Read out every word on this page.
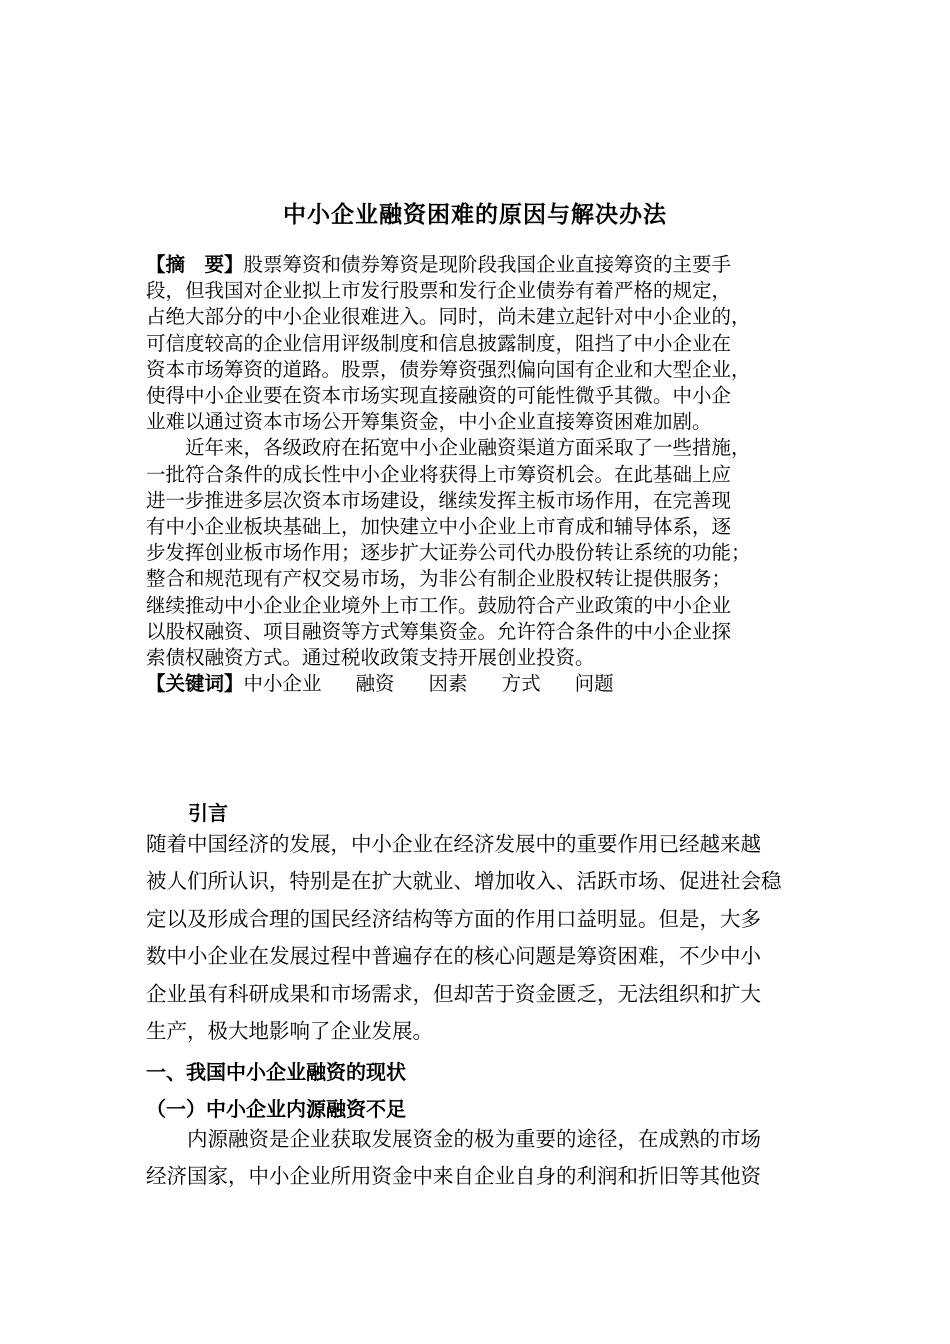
中小企业融资困难的原因与解决办法
【摘　要】股票筹资和债券筹资是现阶段我国企业直接筹资的主要手
段，但我国对企业拟上市发行股票和发行企业债券有着严格的规定，
占绝大部分的中小企业很难进入。同时，尚未建立起针对中小企业的，
可信度较高的企业信用评级制度和信息披露制度，阻挡了中小企业在
资本市场筹资的道路。股票，债券筹资强烈偏向国有企业和大型企业，
使得中小企业要在资本市场实现直接融资的可能性微乎其微。中小企
业难以通过资本市场公开筹集资金，中小企业直接筹资困难加剧。
　　近年来，各级政府在拓宽中小企业融资渠道方面采取了一些措施，
一批符合条件的成长性中小企业将获得上市筹资机会。在此基础上应
进一步推进多层次资本市场建设，继续发挥主板市场作用，在完善现
有中小企业板块基础上，加快建立中小企业上市育成和辅导体系，逐
步发挥创业板市场作用；逐步扩大证券公司代办股份转让系统的功能；
整合和规范现有产权交易市场，为非公有制企业股权转让提供服务；
继续推动中小企业企业境外上市工作。鼓励符合产业政策的中小企业
以股权融资、项目融资等方式筹集资金。允许符合条件的中小企业探
索债权融资方式。通过税收政策支持开展创业投资。
【关键词】中小企业 融资 因素 方式 问题
引言
随着中国经济的发展，中小企业在经济发展中的重要作用已经越来越
被人们所认识，特别是在扩大就业、增加收入、活跃市场、促进社会稳
定以及形成合理的国民经济结构等方面的作用口益明显。但是，大多
数中小企业在发展过程中普遍存在的核心问题是筹资困难，不少中小
企业虽有科研成果和市场需求，但却苦于资金匮乏，无法组织和扩大
生产，极大地影响了企业发展。
一、我国中小企业融资的现状
（一）中小企业内源融资不足
　　内源融资是企业获取发展资金的极为重要的途径，在成熟的市场
经济国家，中小企业所用资金中来自企业自身的利润和折旧等其他资
